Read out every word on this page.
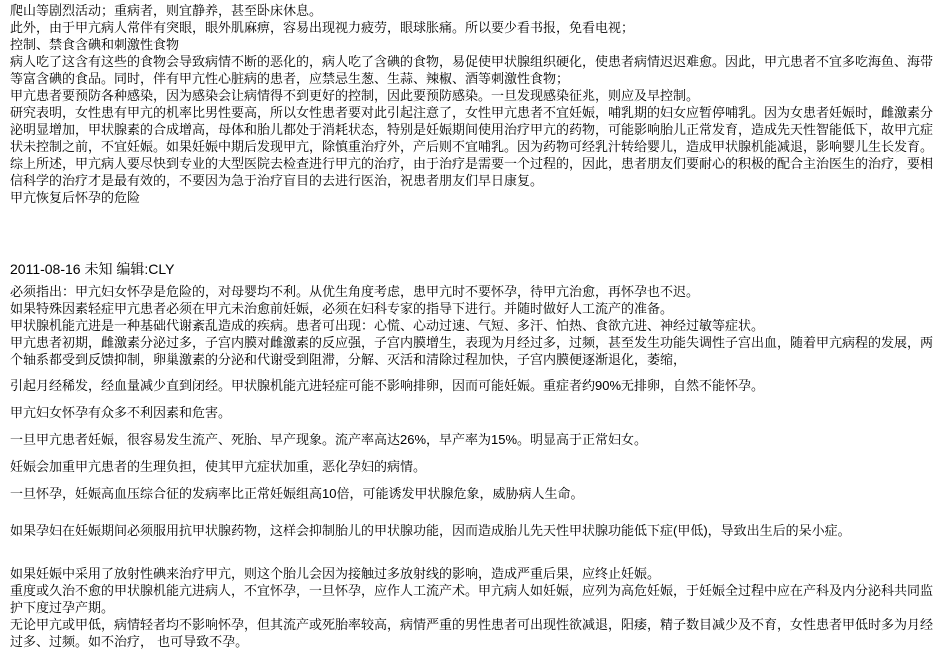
爬山等剧烈活动；重病者，则宜静养，甚至卧床休息。

此外，由于甲亢病人常伴有突眼，眼外肌麻痹，容易出现视力疲劳，眼球胀痛。所以要少看书报，免看电视；

控制、禁食含碘和刺激性食物

病人吃了这含有这些的食物会导致病情不断的恶化的，病人吃了含碘的食物，易促使甲状腺组织硬化，使患者病情迟迟难愈。因此，甲亢患者不宜多吃海鱼、海带等富含碘的食品。同时，伴有甲亢性心脏病的患者，应禁忌生葱、生蒜、辣椒、酒等刺激性食物；

甲亢患者要预防各种感染，因为感染会让病情得不到更好的控制，因此要预防感染。一旦发现感染征兆，则应及早控制。

研究表明，女性患有甲亢的机率比男性要高，所以女性患者要对此引起注意了，女性甲亢患者不宜妊娠，哺乳期的妇女应暂停哺乳。因为女患者妊娠时，雌激素分泌明显增加，甲状腺素的合成增高，母体和胎儿都处于消耗状态，特别是妊娠期间使用治疗甲亢的药物，可能影响胎儿正常发育，造成先天性智能低下，故甲亢症状未控制之前，不宜妊娠。如果妊娠中期后发现甲亢，除慎重治疗外，产后则不宜哺乳。因为药物可经乳汁转给婴儿，造成甲状腺机能减退，影响婴儿生长发育。

综上所述，甲亢病人要尽快到专业的大型医院去检查进行甲亢的治疗，由于治疗是需要一个过程的，因此，患者朋友们要耐心的积极的配合主治医生的治疗，要相信科学的治疗才是最有效的，不要因为急于治疗盲目的去进行医治，祝患者朋友们早日康复。

甲亢恢复后怀孕的危险

2011-08-16 未知 编辑:CLY

必须指出：甲亢妇女怀孕是危险的，对母婴均不利。从优生角度考虑，患甲亢时不要怀孕，待甲亢治愈，再怀孕也不迟。

如果特殊因素轻症甲亢患者必须在甲亢未治愈前妊娠，必须在妇科专家的指导下进行。并随时做好人工流产的准备。

甲状腺机能亢进是一种基础代谢紊乱造成的疾病。患者可出现：心慌、心动过速、气短、多汗、怕热、食欲亢进、神经过敏等症状。

甲亢患者初期，雌激素分泌过多，子宫内膜对雌激素的反应强，子宫内膜增生，表现为月经过多，过频，甚至发生功能失调性子宫出血，随着甲亢病程的发展，两个轴系都受到反馈抑制，卵巢激素的分泌和代谢受到阻滞，分解、灭活和清除过程加快，子宫内膜便逐渐退化，萎缩，

引起月经稀发，经血量减少直到闭经。甲状腺机能亢进轻症可能不影响排卵，因而可能妊娠。重症者约90%无排卵，自然不能怀孕。
甲亢妇女怀孕有众多不利因素和危害。
一旦甲亢患者妊娠，很容易发生流产、死胎、早产现象。流产率高达26%，早产率为15%。明显高于正常妇女。
妊娠会加重甲亢患者的生理负担，使其甲亢症状加重，恶化孕妇的病情。
一旦怀孕，妊娠高血压综合征的发病率比正常妊娠组高10倍，可能诱发甲状腺危象，威胁病人生命。
如果孕妇在妊娠期间必须服用抗甲状腺药物，这样会抑制胎儿的甲状腺功能，因而造成胎儿先天性甲状腺功能低下症(甲低)，导致出生后的呆小症。

如果妊娠中采用了放射性碘来治疗甲亢，则这个胎儿会因为接触过多放射线的影响，造成严重后果，应终止妊娠。

重度或久治不愈的甲状腺机能亢进病人，不宜怀孕，一旦怀孕，应作人工流产术。甲亢病人如妊娠，应列为高危妊娠，于妊娠全过程中应在产科及内分泌科共同监护下度过孕产期。

无论甲亢或甲低，病情轻者均不影响怀孕，但其流产或死胎率较高，病情严重的男性患者可出现性欲减退，阳痿，精子数目减少及不育，女性患者甲低时多为月经过多、过频。如不治疗， 也可导致不孕。
